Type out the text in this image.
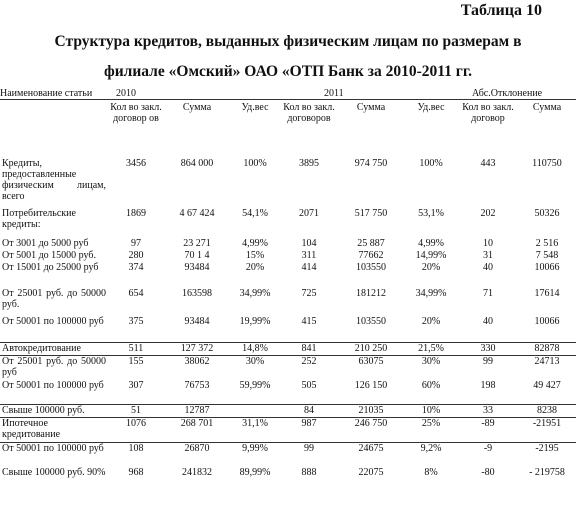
Таблица 10
Структура кредитов, выданных физическим лицам по размерам в
филиале «Омский» ОАО «ОТП Банк за 2010-2011 гг.
Наименование статьи	2010			2011			Абс.Отклонение	
	Кол во закл. договор ов	Сумма	Уд.вес	Кол во закл. договоров	Сумма	Уд.вес	Кол во закл. договор	Сумма
Кредиты, предоставленные физическим лицам, всего	3456	864 000	100%	3895	974 750	100%	443	110750
Потребительские кредиты:	1869	4 67 424	54,1%	2071	517 750	53,1%	202	50326
От 3001 до 5000 руб	97	23 271	4,99%	104	25 887	4,99%	10	2 516
От 5001 до 15000 руб.	280	70 1 4	15%	311	77662	14,99%	31	7 548
От 15001 до 25000 руб	374	93484	20%	414	103550	20%	40	10066
От 25001 руб. до 50000 руб.	654	163598	34,99%	725	181212	34,99%	71	17614
От 50001 по 100000 руб	375	93484	19,99%	415	103550	20%	40	10066
Автокредитование	511	127 372	14,8%	841	210 250	21,5%	330	82878
От 25001 руб. до 50000 руб	155	38062	30%	252	63075	30%	99	24713
От 50001 по 100000 руб	307	76753	59,99%	505	126 150	60%	198	49 427
Свыше 100000 руб.	51	12787		84	21035	10%	33	8238
Ипотечное кредитование	1076	268 701	31,1%	987	246 750	25%	-89	-21951
От 50001 по 100000 руб	108	26870	9,99%	99	24675	9,2%	-9	-2195
Свыше 100000 руб. 90%	968	241832	89,99%	888	22075	8%	-80	- 219758
